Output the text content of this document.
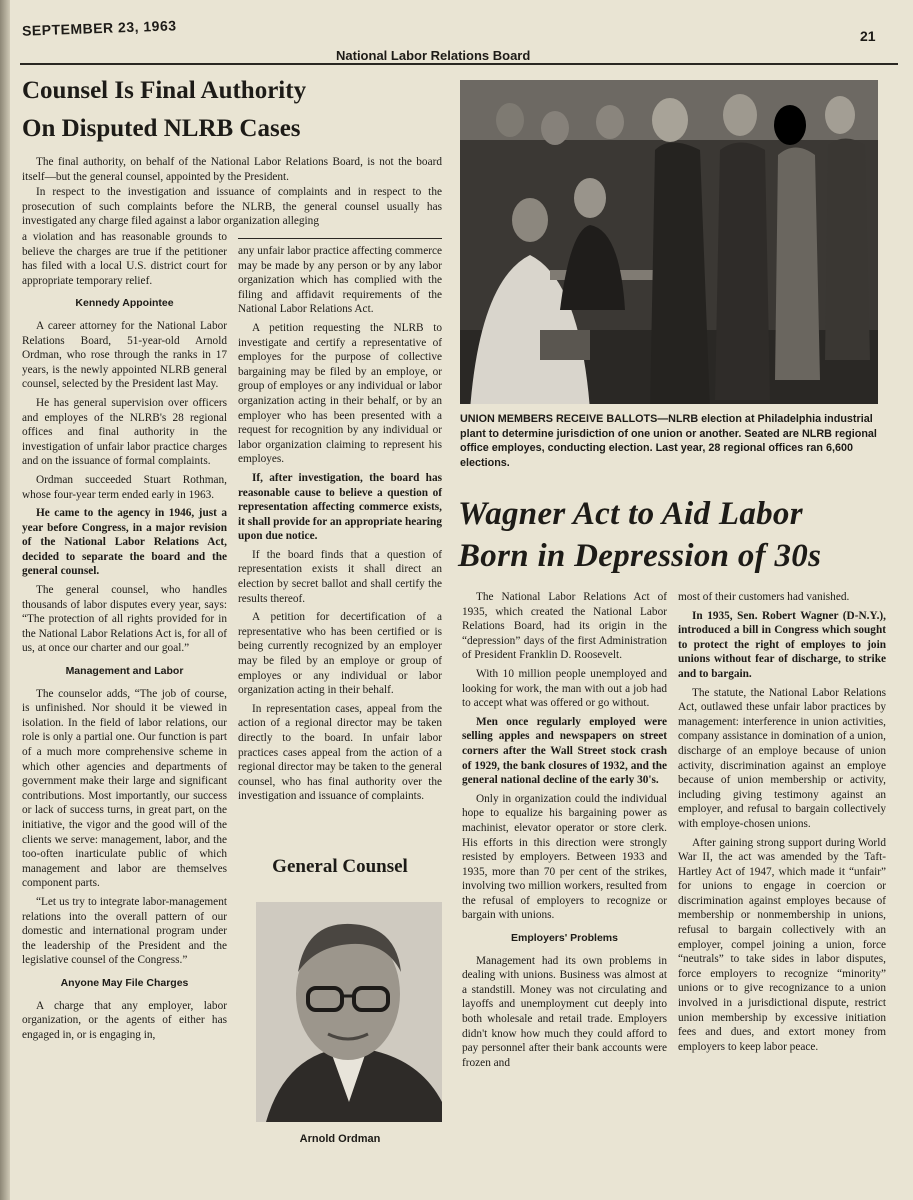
SEPTEMBER 23, 1963
National Labor Relations Board
21
Counsel Is Final Authority
On Disputed NLRB Cases

The final authority, on behalf of the National Labor Relations Board, is not the board itself—but the general counsel, appointed by the President.

In respect to the investigation and issuance of complaints and in respect to the prosecution of such complaints before the NLRB, the general counsel usually has investigated any charge filed against a labor organization alleging

a violation and has reasonable grounds to believe the charges are true if the petitioner has filed with a local U.S. district court for appropriate temporary relief.

Kennedy Appointee

A career attorney for the National Labor Relations Board, 51-year-old Arnold Ordman, who rose through the ranks in 17 years, is the newly appointed NLRB general counsel, selected by the President last May.

He has general supervision over officers and employes of the NLRB's 28 regional offices and final authority in the investigation of unfair labor practice charges and on the issuance of formal complaints.

Ordman succeeded Stuart Rothman, whose four-year term ended early in 1963.

He came to the agency in 1946, just a year before Congress, in a major revision of the National Labor Relations Act, decided to separate the board and the general counsel.

The general counsel, who handles thousands of labor disputes every year, says: “The protection of all rights provided for in the National Labor Relations Act is, for all of us, at once our charter and our goal.”

Management and Labor

The counselor adds, “The job of course, is unfinished. Nor should it be viewed in isolation. In the field of labor relations, our role is only a partial one. Our function is part of a much more comprehensive scheme in which other agencies and departments of government make their large and significant contributions. Most importantly, our success or lack of success turns, in great part, on the initiative, the vigor and the good will of the clients we serve: management, labor, and the too-often inarticulate public of which management and labor are themselves component parts.

“Let us try to integrate labor-management relations into the overall pattern of our domestic and international program under the leadership of the President and the legislative counsel of the Congress.”

Anyone May File Charges

A charge that any employer, labor organization, or the agents of either has engaged in, or is engaging in,

any unfair labor practice affecting commerce may be made by any person or by any labor organization which has complied with the filing and affidavit requirements of the National Labor Relations Act.

A petition requesting the NLRB to investigate and certify a representative of employes for the purpose of collective bargaining may be filed by an employe, or group of employes or any individual or labor organization acting in their behalf, or by an employer who has been presented with a request for recognition by any individual or labor organization claiming to represent his employes.

If, after investigation, the board has reasonable cause to believe a question of representation affecting commerce exists, it shall provide for an appropriate hearing upon due notice.

If the board finds that a question of representation exists it shall direct an election by secret ballot and shall certify the results thereof.

A petition for decertification of a representative who has been certified or is being currently recognized by an employer may be filed by an employe or group of employes or any individual or labor organization acting in their behalf.

In representation cases, appeal from the action of a regional director may be taken directly to the board. In unfair labor practices cases appeal from the action of a regional director may be taken to the general counsel, who has final authority over the investigation and issuance of complaints.

General Counsel
Arnold Ordman
UNION MEMBERS RECEIVE BALLOTS—NLRB election at Philadelphia industrial plant to determine jurisdiction of one union or another. Seated are NLRB regional office employes, conducting election. Last year, 28 regional offices ran 6,600 elections.
Wagner Act to Aid Labor
Born in Depression of 30s

The National Labor Relations Act of 1935, which created the National Labor Relations Board, had its origin in the “depression” days of the first Administration of President Franklin D. Roosevelt.

With 10 million people unemployed and looking for work, the man with out a job had to accept what was offered or go without.

Men once regularly employed were selling apples and newspapers on street corners after the Wall Street stock crash of 1929, the bank closures of 1932, and the general national decline of the early 30's.

Only in organization could the individual hope to equalize his bargaining power as machinist, elevator operator or store clerk. His efforts in this direction were strongly resisted by employers. Between 1933 and 1935, more than 70 per cent of the strikes, involving two million workers, resulted from the refusal of employers to recognize or bargain with unions.

Employers' Problems

Management had its own problems in dealing with unions. Business was almost at a standstill. Money was not circulating and layoffs and unemployment cut deeply into both wholesale and retail trade. Employers didn't know how much they could afford to pay personnel after their bank accounts were frozen and

most of their customers had vanished.

In 1935, Sen. Robert Wagner (D-N.Y.), introduced a bill in Congress which sought to protect the right of employes to join unions without fear of discharge, to strike and to bargain.

The statute, the National Labor Relations Act, outlawed these unfair labor practices by management: interference in union activities, company assistance in domination of a union, discharge of an employe because of union activity, discrimination against an employe because of union membership or activity, including giving testimony against an employer, and refusal to bargain collectively with employe-chosen unions.

After gaining strong support during World War II, the act was amended by the Taft-Hartley Act of 1947, which made it “unfair” for unions to engage in coercion or discrimination against employes because of membership or nonmembership in unions, refusal to bargain collectively with an employer, compel joining a union, force “neutrals” to take sides in labor disputes, force employers to recognize “minority” unions or to give recognizance to a union involved in a jurisdictional dispute, restrict union membership by excessive initiation fees and dues, and extort money from employers to keep labor peace.
